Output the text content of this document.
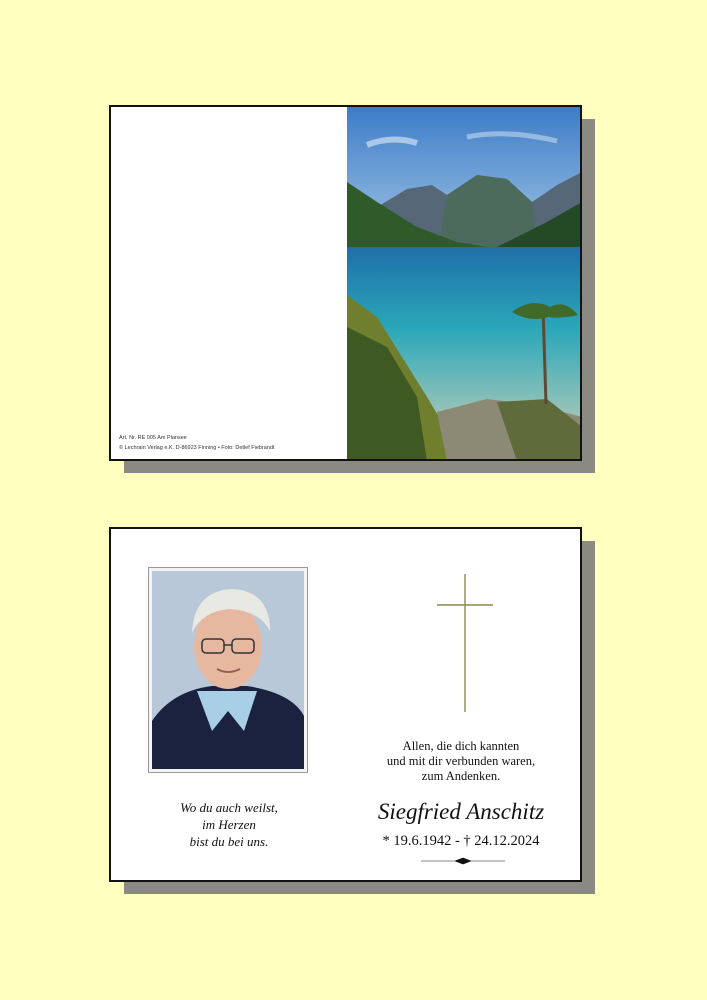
Art. Nr. RE 005 Am Plansee
© Lechrain Verlag e.K. D-86923 Finning • Foto: Detlef Fiebrandt
Wo du auch weilst,
im Herzen
bist du bei uns.
Allen, die dich kannten
und mit dir verbunden waren,
zum Andenken.
Siegfried Anschitz
* 19.6.1942 - † 24.12.2024
